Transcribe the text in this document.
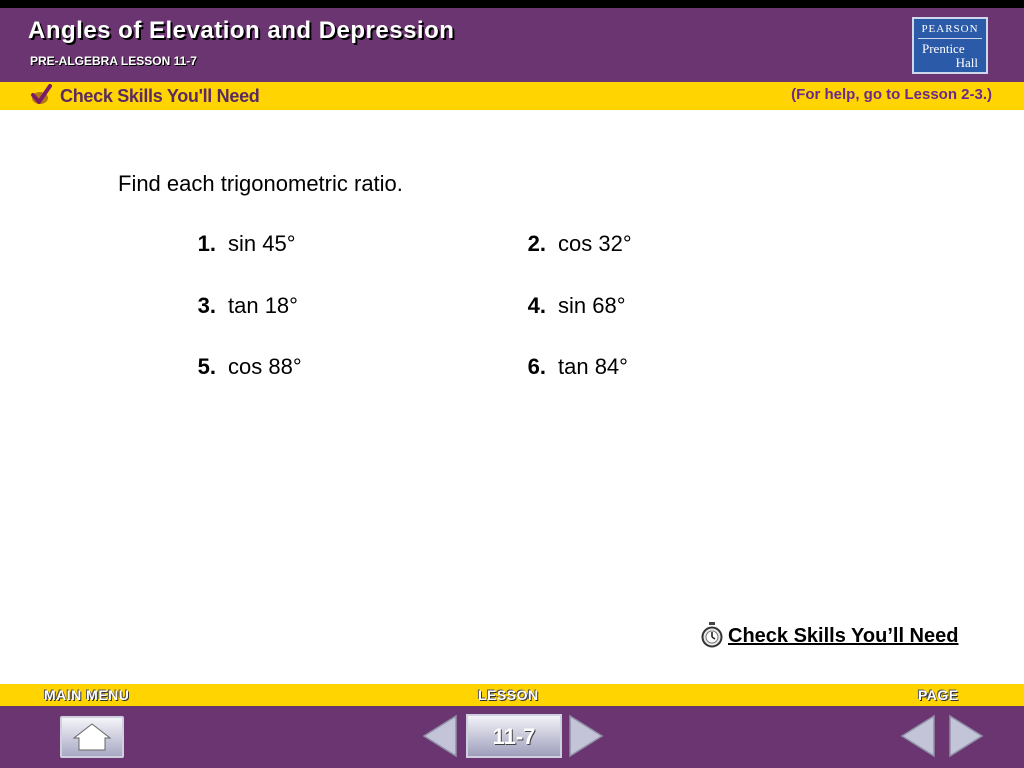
Angles of Elevation and Depression
PRE-ALGEBRA LESSON 11-7
PEARSON
Prentice
Hall
Check Skills You'll Need	(For help, go to Lesson 2-3.)
Find each trigonometric ratio.
1. sin 45°	2. cos 32°
3. tan 18°	4. sin 68°
5. cos 88°	6. tan 84°
Check Skills You’ll Need
MAIN MENU	LESSON	PAGE
11-7
